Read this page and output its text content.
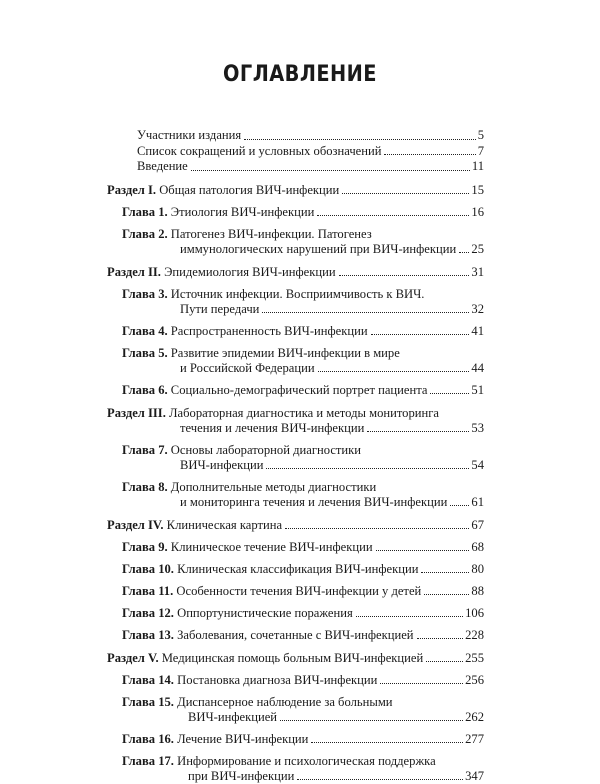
ОГЛАВЛЕНИЕ
Участники издания	5
Список сокращений и условных обозначений	7
Введение	11
Раздел I. Общая патология ВИЧ-инфекции	15
Глава 1. Этиология ВИЧ-инфекции	16
Глава 2. Патогенез ВИЧ-инфекции. Патогенез
иммунологических нарушений при ВИЧ-инфекции 25
Раздел II. Эпидемиология ВИЧ-инфекции	31
Глава 3. Источник инфекции. Восприимчивость к ВИЧ.
Пути передачи	32
Глава 4. Распространенность ВИЧ-инфекции	41
Глава 5. Развитие эпидемии ВИЧ-инфекции в мире
и Российской Федерации	44
Глава 6. Социально-демографический портрет пациента	51
Раздел III. Лабораторная диагностика и методы мониторинга
течения и лечения ВИЧ-инфекции	53
Глава 7. Основы лабораторной диагностики
ВИЧ-инфекции	54
Глава 8. Дополнительные методы диагностики
и мониторинга течения и лечения ВИЧ-инфекции 61
Раздел IV. Клиническая картина	67
Глава 9. Клиническое течение ВИЧ-инфекции	68
Глава 10. Клиническая классификация ВИЧ-инфекции	80
Глава 11. Особенности течения ВИЧ-инфекции у детей	88
Глава 12. Оппортунистические поражения	106
Глава 13. Заболевания, сочетанные с ВИЧ-инфекцией	228
Раздел V. Медицинская помощь больным ВИЧ-инфекцией	255
Глава 14. Постановка диагноза ВИЧ-инфекции	256
Глава 15. Диспансерное наблюдение за больными
ВИЧ-инфекцией	262
Глава 16. Лечение ВИЧ-инфекции	277
Глава 17. Информирование и психологическая поддержка
при ВИЧ-инфекции	347
